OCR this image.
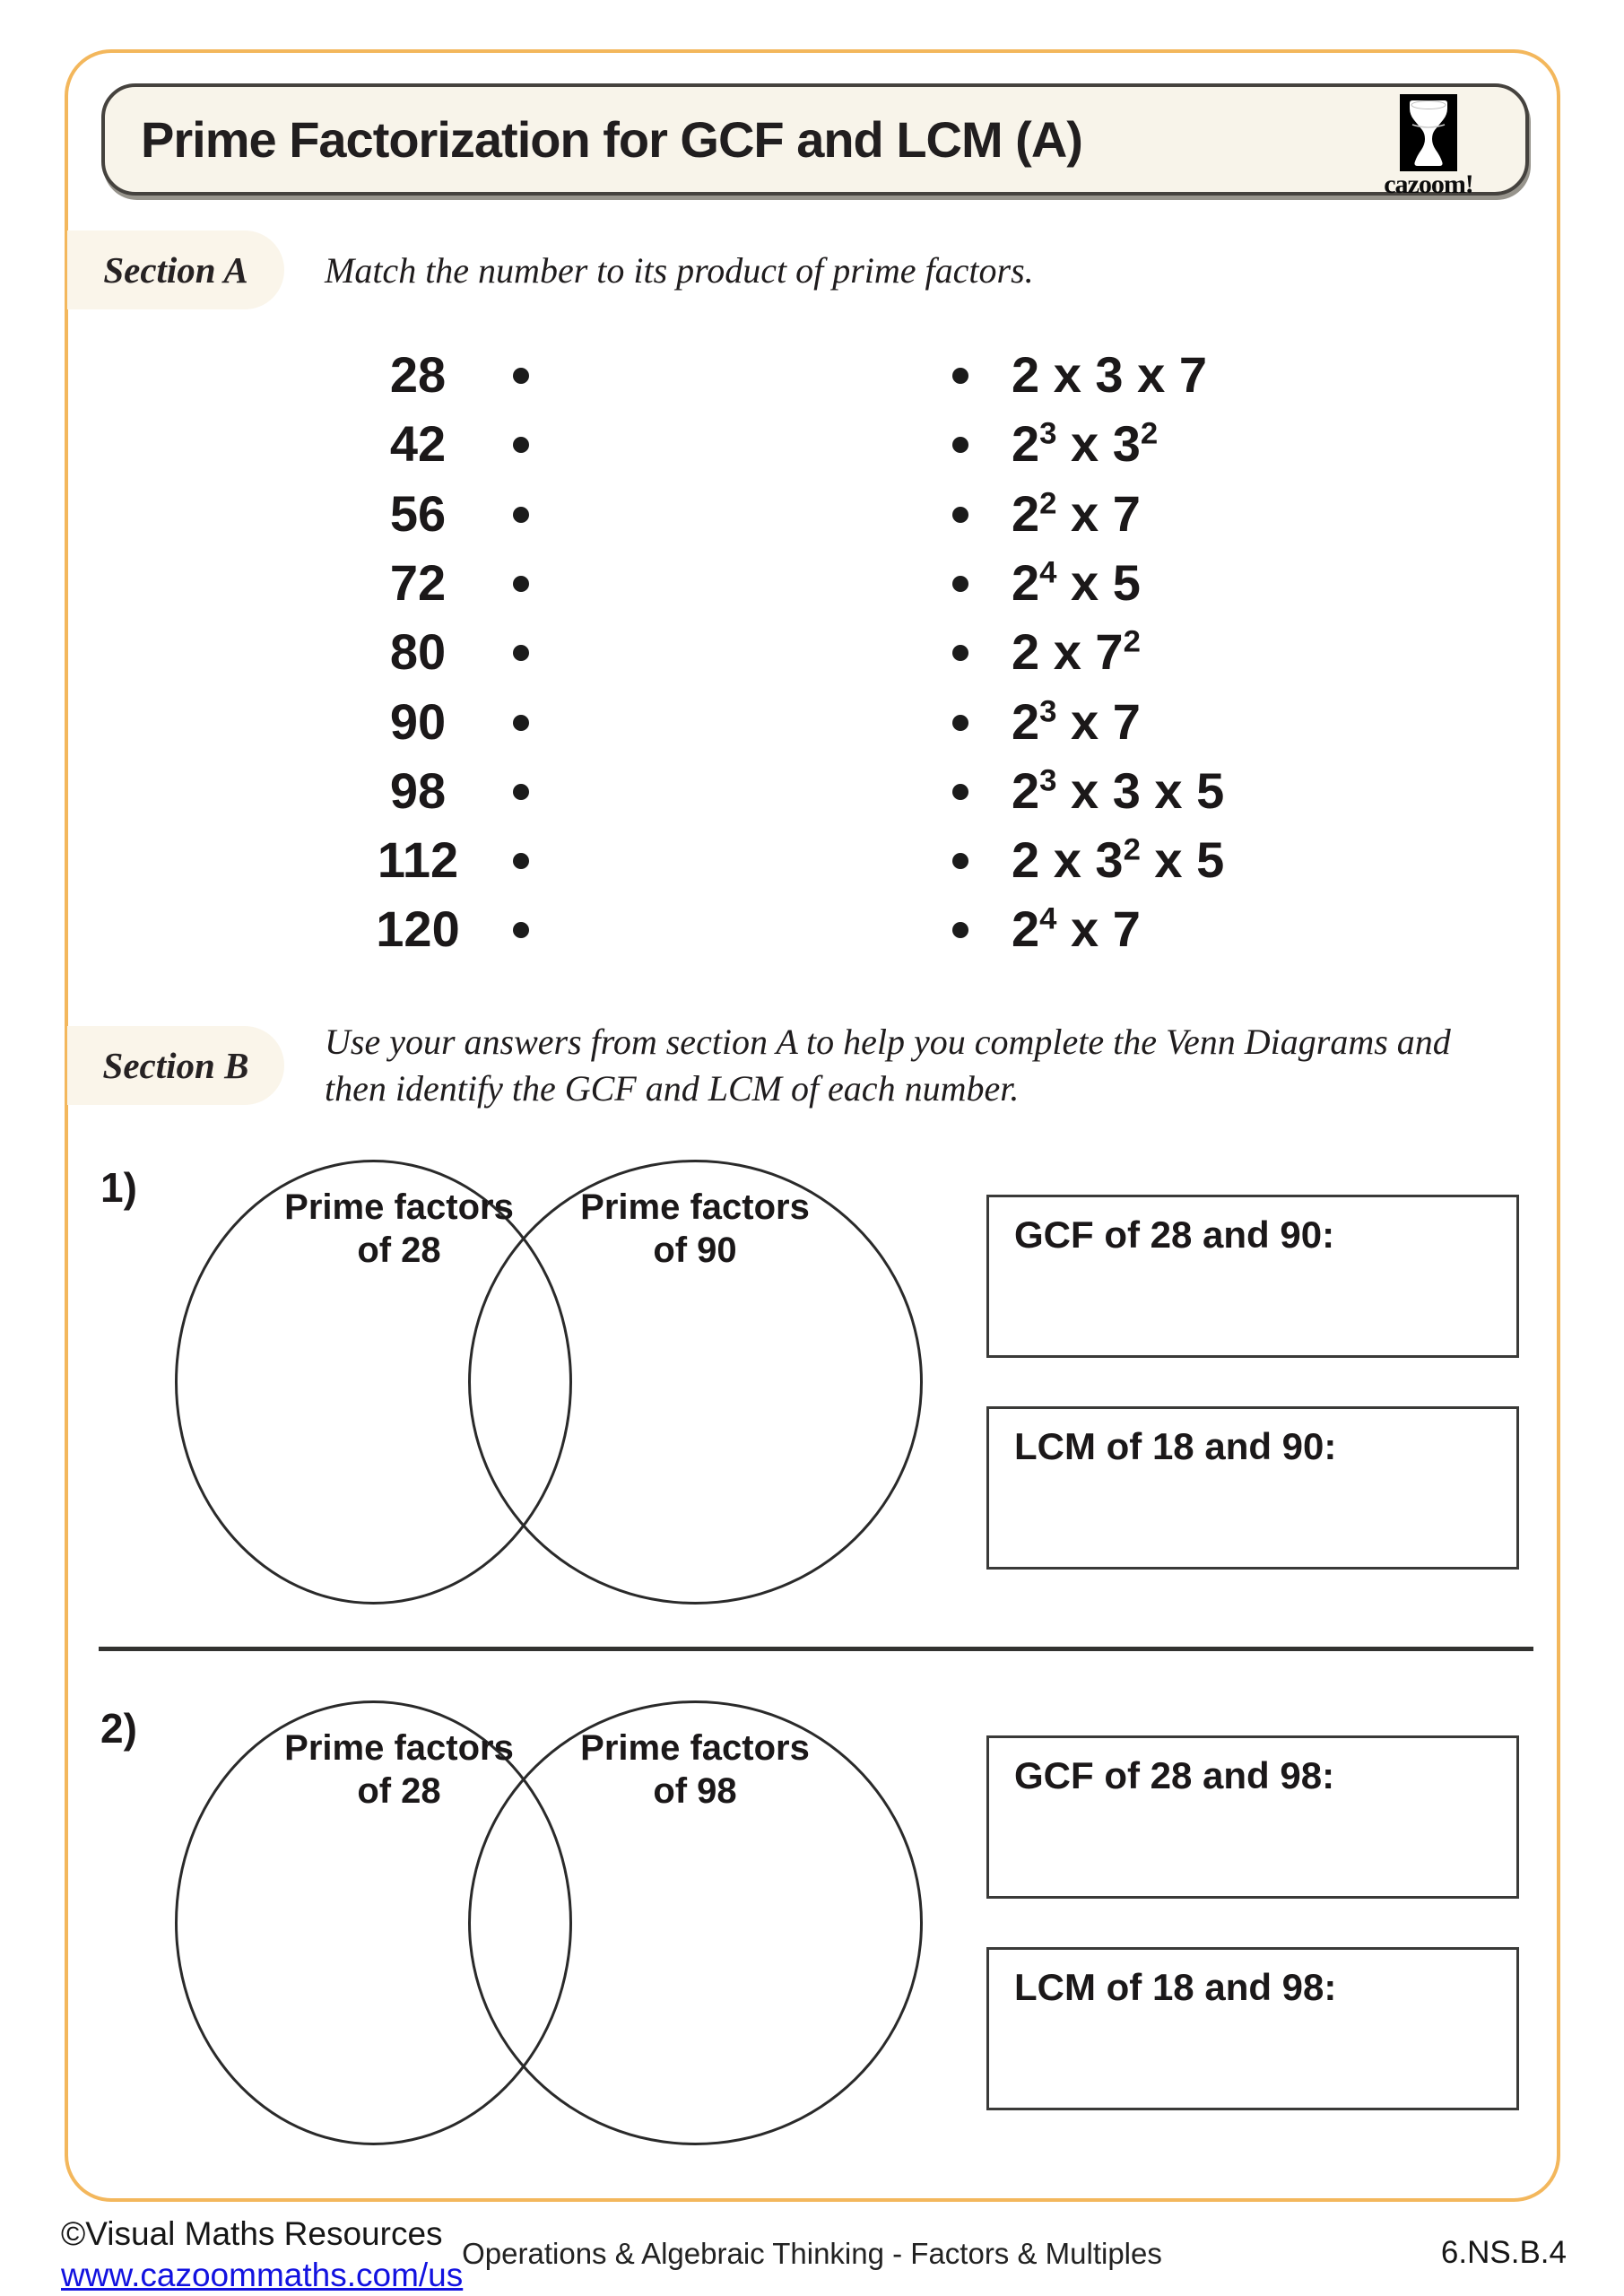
Prime Factorization for GCF and LCM (A)
cazoom!
Section A	Match the number to its product of prime factors.
28	2 x 3 x 7
42	$2^3$ x $3^2$
56	$2^2$ x 7
72	$2^4$ x 5
80	2 x $7^2$
90	$2^3$ x 7
98	$2^3$ x 3 x 5
112	2 x $3^2$ x 5
120	$2^4$ x 7
Section B
Use your answers from section A to help you complete the Venn Diagrams and
then identify the GCF and LCM of each number.
1)	Prime factors
of 28
Prime factors
of 90	GCF of 28 and 90:
LCM of 18 and 90:
2)	Prime factors
of 28
Prime factors
of 98	GCF of 28 and 98:
LCM of 18 and 98:
©Visual Maths Resources
www.cazoommaths.com/us
Operations & Algebraic Thinking - Factors & Multiples	6.NS.B.4
